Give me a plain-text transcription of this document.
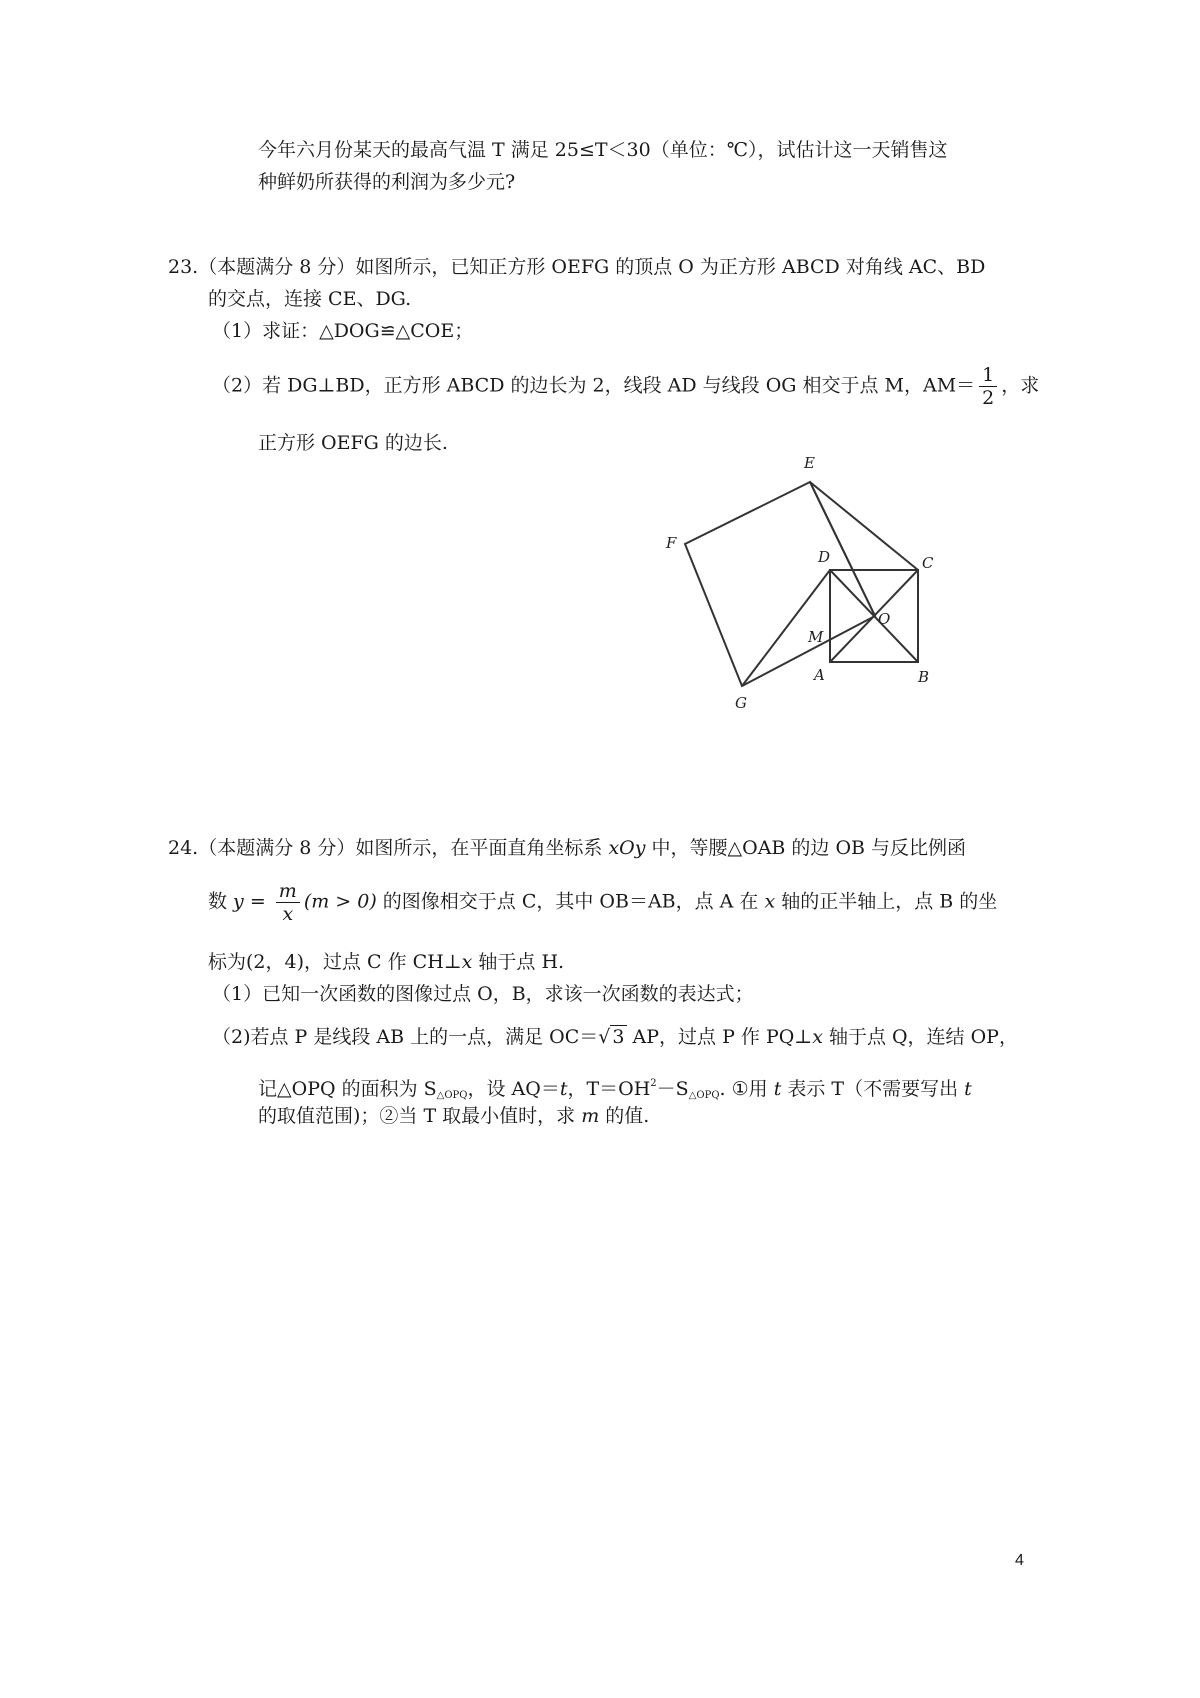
今年六月份某天的最高气温 T 满足 25≤T＜30（单位：℃），试估计这一天销售这
种鲜奶所获得的利润为多少元?
23.（本题满分 8 分）如图所示，已知正方形 OEFG 的顶点 O 为正方形 ABCD 对角线 AC、BD
的交点，连接 CE、DG.
（1）求证：△DOG≌△COE；
（2）若 DG⊥BD，正方形 ABCD 的边长为 2，线段 AD 与线段 OG 相交于点 M，$AM= \frac{1}{2}$ ，求
正方形 OEFG 的边长.
E
F
D	C
O
M
A	B
G
24.（本题满分 8 分）如图所示，在平面直角坐标系 xOy 中，等腰△OAB 的边 OB 与反比例函
数 $y = \frac{m}{x} (m > 0)$ 的图像相交于点 C，其中 OB＝AB，点 A 在 x 轴的正半轴上，点 B 的坐
标为(2，4)，过点 C 作 CH⊥x 轴于点 H.
（1）已知一次函数的图像过点 O，B，求该一次函数的表达式；
（2)若点 P 是线段 AB 上的一点，满足 OC＝√ 3 AP，过点 P 作 PQ⊥x 轴于点 Q，连结 OP，
记△OPQ 的面积为 $S_{\triangle OPQ}$，设 AQ＝t，$T=OH^2-S_{\triangle OPQ}$. ①用 t 表示 T（不需要写出 t
的取值范围)；②当 T 取最小值时，求 m 的值.
4
